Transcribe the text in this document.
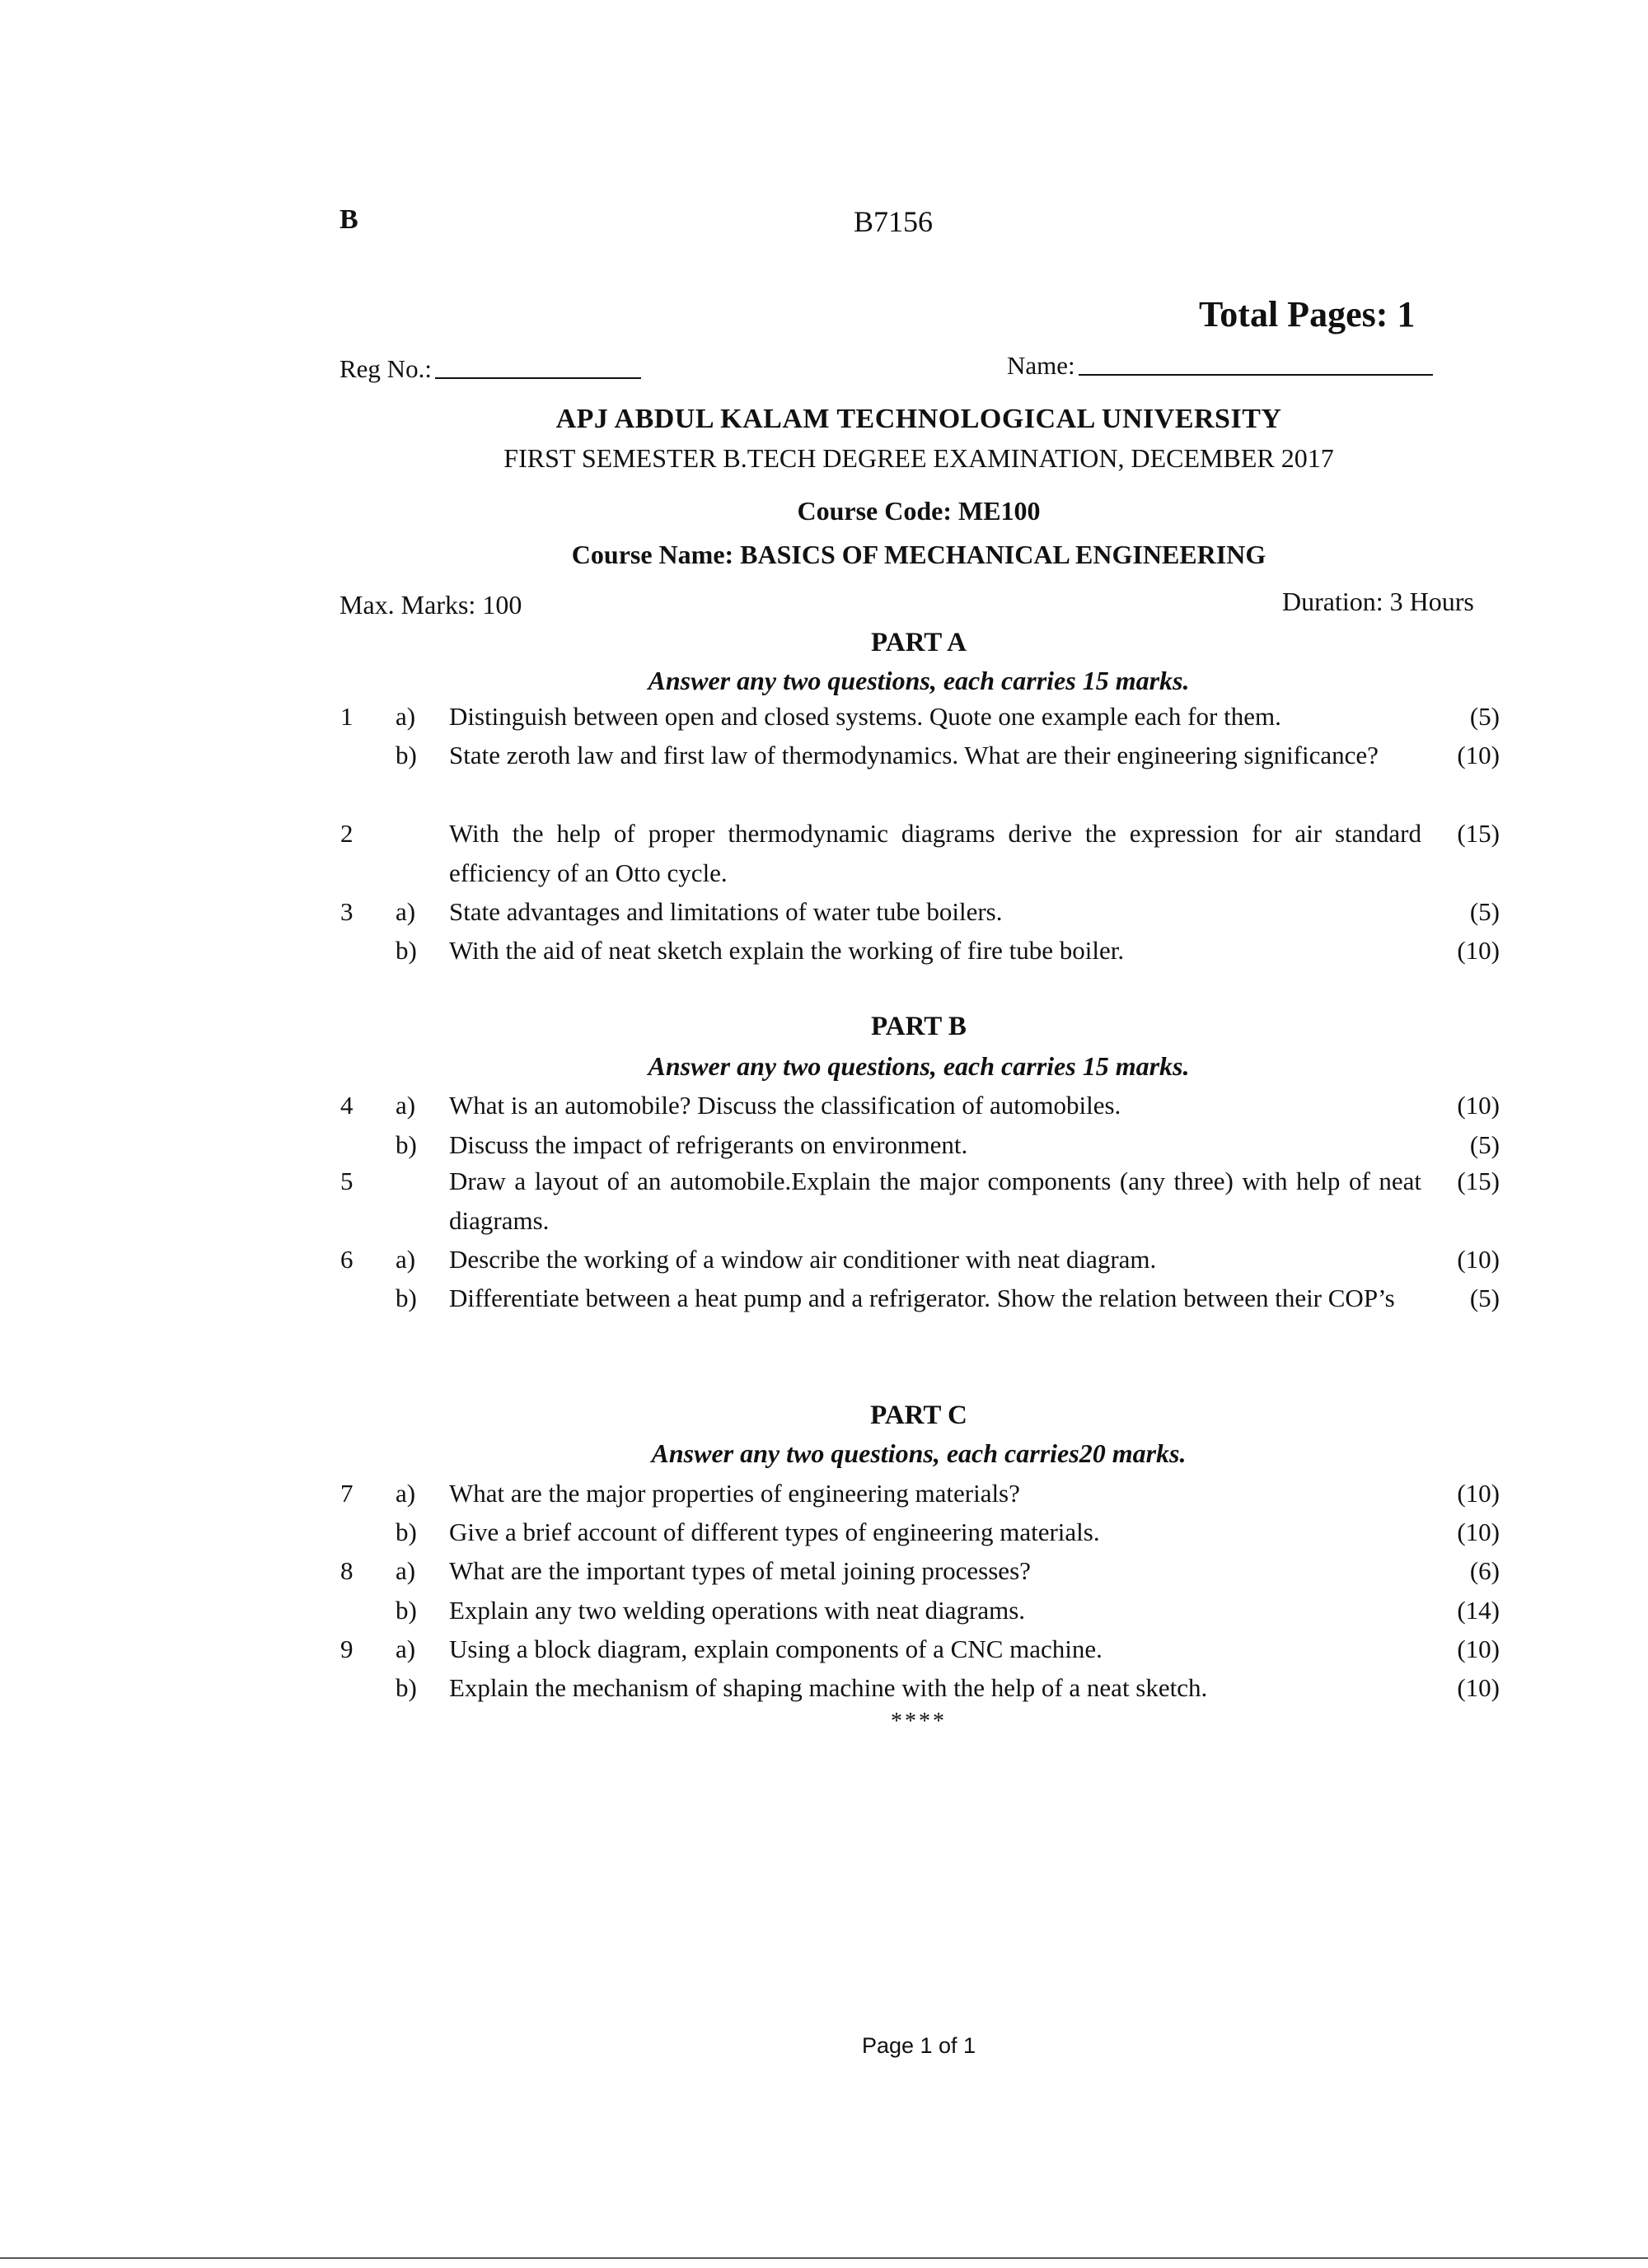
B	B7156
Total Pages: 1
Reg No.:	Name:
APJ ABDUL KALAM TECHNOLOGICAL UNIVERSITY
FIRST SEMESTER B.TECH DEGREE EXAMINATION, DECEMBER 2017
Course Code: ME100
Course Name: BASICS OF MECHANICAL ENGINEERING
Max. Marks: 100	Duration: 3 Hours
PART A
Answer any two questions, each carries 15 marks.
1 a) Distinguish between open and closed systems. Quote one example each for them.	(5)
b) State zeroth law and first law of thermodynamics. What are their engineering significance?	(10)
2	With the help of proper thermodynamic diagrams derive the expression for air standard efficiency of an Otto cycle.
(15)
3 a) State advantages and limitations of water tube boilers.	(5)
b) With the aid of neat sketch explain the working of fire tube boiler.	(10)
PART B
Answer any two questions, each carries 15 marks.
4 a) What is an automobile? Discuss the classification of automobiles.	(10)
b) Discuss the impact of refrigerants on environment.	(5)
5	Draw a layout of an automobile.Explain the major components (any three) with help of neat diagrams.
(15)
6 a) Describe the working of a window air conditioner with neat diagram.	(10)
b) Differentiate between a heat pump and a refrigerator. Show the relation between their COP’s	(5)
PART C
Answer any two questions, each carries20 marks.
7 a) What are the major properties of engineering materials?	(10)
b) Give a brief account of different types of engineering materials.	(10)
8 a) What are the important types of metal joining processes?	(6)
b) Explain any two welding operations with neat diagrams.	(14)
9 a) Using a block diagram, explain components of a CNC machine.	(10)
b) Explain the mechanism of shaping machine with the help of a neat sketch.	(10)
****
Page 1 of 1
